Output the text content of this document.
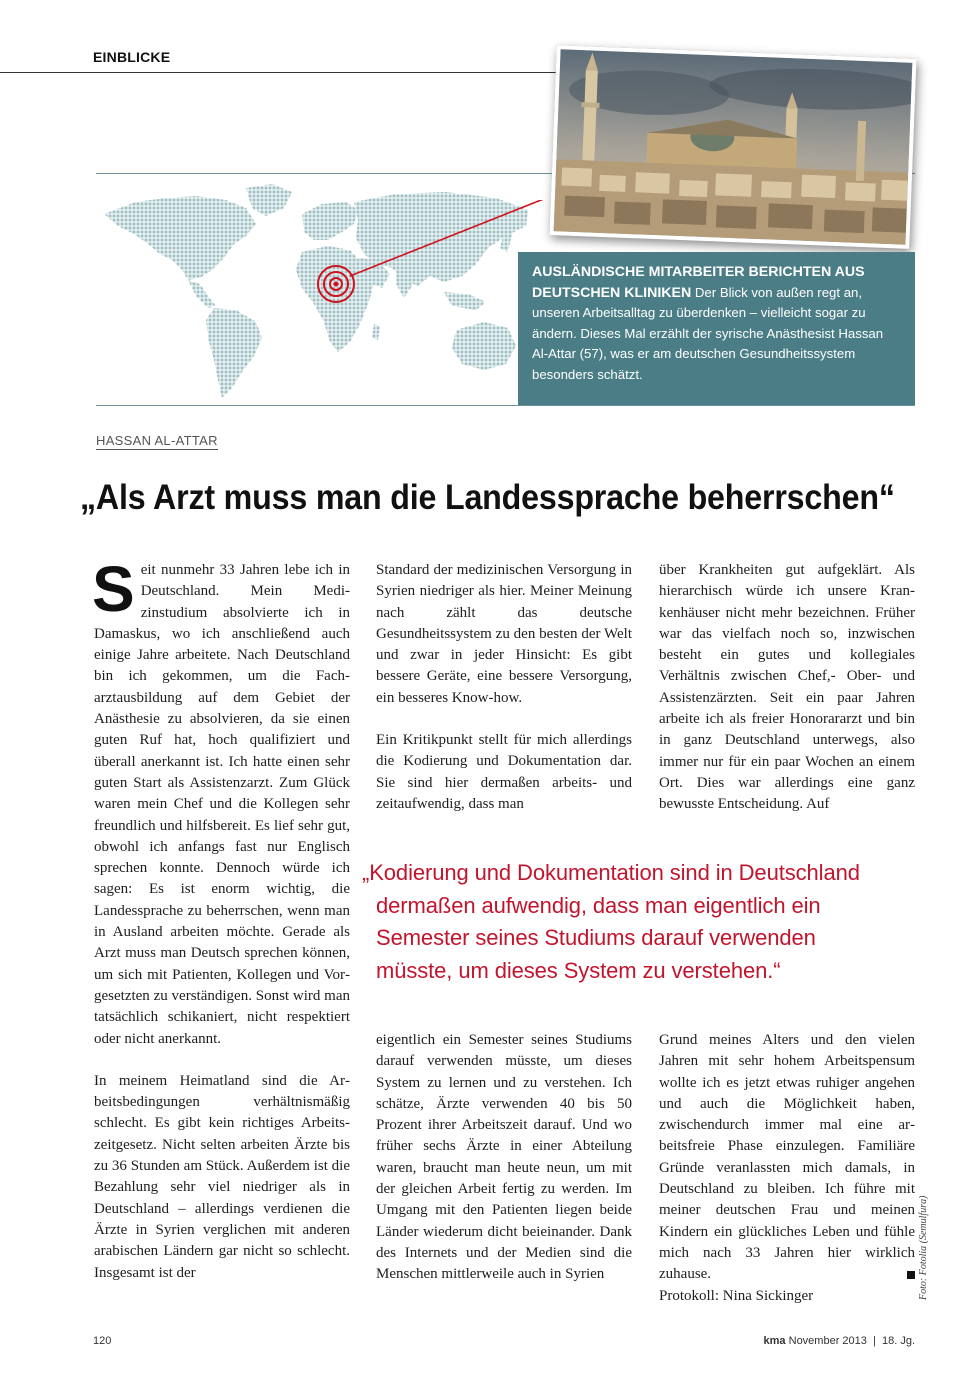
EINBLICKE
AUSLÄNDISCHE MITARBEITER BERICHTEN AUS DEUTSCHEN KLINIKEN Der Blick von außen regt an, unseren Arbeitsalltag zu überdenken – vielleicht sogar zu ändern. Dieses Mal erzählt der syrische Anästhesist Hassan Al-Attar (57), was er am deutschen Gesundheitssystem besonders schätzt.
HASSAN AL-ATTAR
„Als Arzt muss man die Landessprache beherrschen“

Seit nunmehr 33 Jahren lebe ich in Deutschland. Mein Medizinstudium absolvierte ich in Damaskus, wo ich anschließend auch einige Jahre arbeitete. Nach Deutschland bin ich gekommen, um die Facharztausbildung auf dem Gebiet der Anästhesie zu absolvieren, da sie einen guten Ruf hat, hoch qualifiziert und überall anerkannt ist. Ich hatte einen sehr guten Start als Assistenzarzt. Zum Glück waren mein Chef und die Kollegen sehr freundlich und hilfsbereit. Es lief sehr gut, obwohl ich anfangs fast nur Englisch sprechen konnte. Dennoch würde ich sagen: Es ist enorm wichtig, die Landessprache zu beherrschen, wenn man in Ausland arbeiten möchte. Gerade als Arzt muss man Deutsch sprechen können, um sich mit Patienten, Kollegen und Vorgesetzten zu verständigen. Sonst wird man tatsächlich schikaniert, nicht respektiert oder nicht anerkannt.

In meinem Heimatland sind die Arbeitsbedingungen verhältnismäßig schlecht. Es gibt kein richtiges Arbeitszeitgesetz. Nicht selten arbeiten Ärzte bis zu 36 Stunden am Stück. Außerdem ist die Bezahlung sehr viel niedriger als in Deutschland – allerdings verdienen die Ärzte in Syrien verglichen mit anderen arabischen Ländern gar nicht so schlecht. Insgesamt ist der

Standard der medizinischen Versorgung in Syrien niedriger als hier. Meiner Meinung nach zählt das deutsche Gesundheitssystem zu den besten der Welt und zwar in jeder Hinsicht: Es gibt bessere Geräte, eine bessere Versorgung, ein besseres Know-how.

Ein Kritikpunkt stellt für mich allerdings die Kodierung und Dokumentation dar. Sie sind hier dermaßen arbeits- und zeitaufwendig, dass man

über Krankheiten gut aufgeklärt. Als hierarchisch würde ich unsere Krankenhäuser nicht mehr bezeichnen. Früher war das vielfach noch so, inzwischen besteht ein gutes und kollegiales Verhältnis zwischen Chef,- Ober- und Assistenzärzten. Seit ein paar Jahren arbeite ich als freier Honorararzt und bin in ganz Deutschland unterwegs, also immer nur für ein paar Wochen an einem Ort. Dies war allerdings eine ganz bewusste Entscheidung. Auf

„Kodierung und Dokumentation sind in Deutschland
dermaßen aufwendig, dass man eigentlich ein
Semester seines Studiums darauf verwenden
müsste, um dieses System zu verstehen.“

eigentlich ein Semester seines Studiums darauf verwenden müsste, um dieses System zu lernen und zu verstehen. Ich schätze, Ärzte verwenden 40 bis 50 Prozent ihrer Arbeitszeit darauf. Und wo früher sechs Ärzte in einer Abteilung waren, braucht man heute neun, um mit der gleichen Arbeit fertig zu werden. Im Umgang mit den Patienten liegen beide Länder wiederum dicht beieinander. Dank des Internets und der Medien sind die Menschen mittlerweile auch in Syrien

Grund meines Alters und den vielen Jahren mit sehr hohem Arbeitspensum wollte ich es jetzt etwas ruhiger angehen und auch die Möglichkeit haben, zwischendurch immer mal eine arbeitsfreie Phase einzulegen. Familiäre Gründe veranlassten mich damals, in Deutschland zu bleiben. Ich führe mit meiner deutschen Frau und meinen Kindern ein glückliches Leben und fühle mich nach 33 Jahren hier wirklich zuhause.

Protokoll: Nina Sickinger	Foto: Fotolia (Semulfura)
120	kma November 2013  |  18. Jg.
